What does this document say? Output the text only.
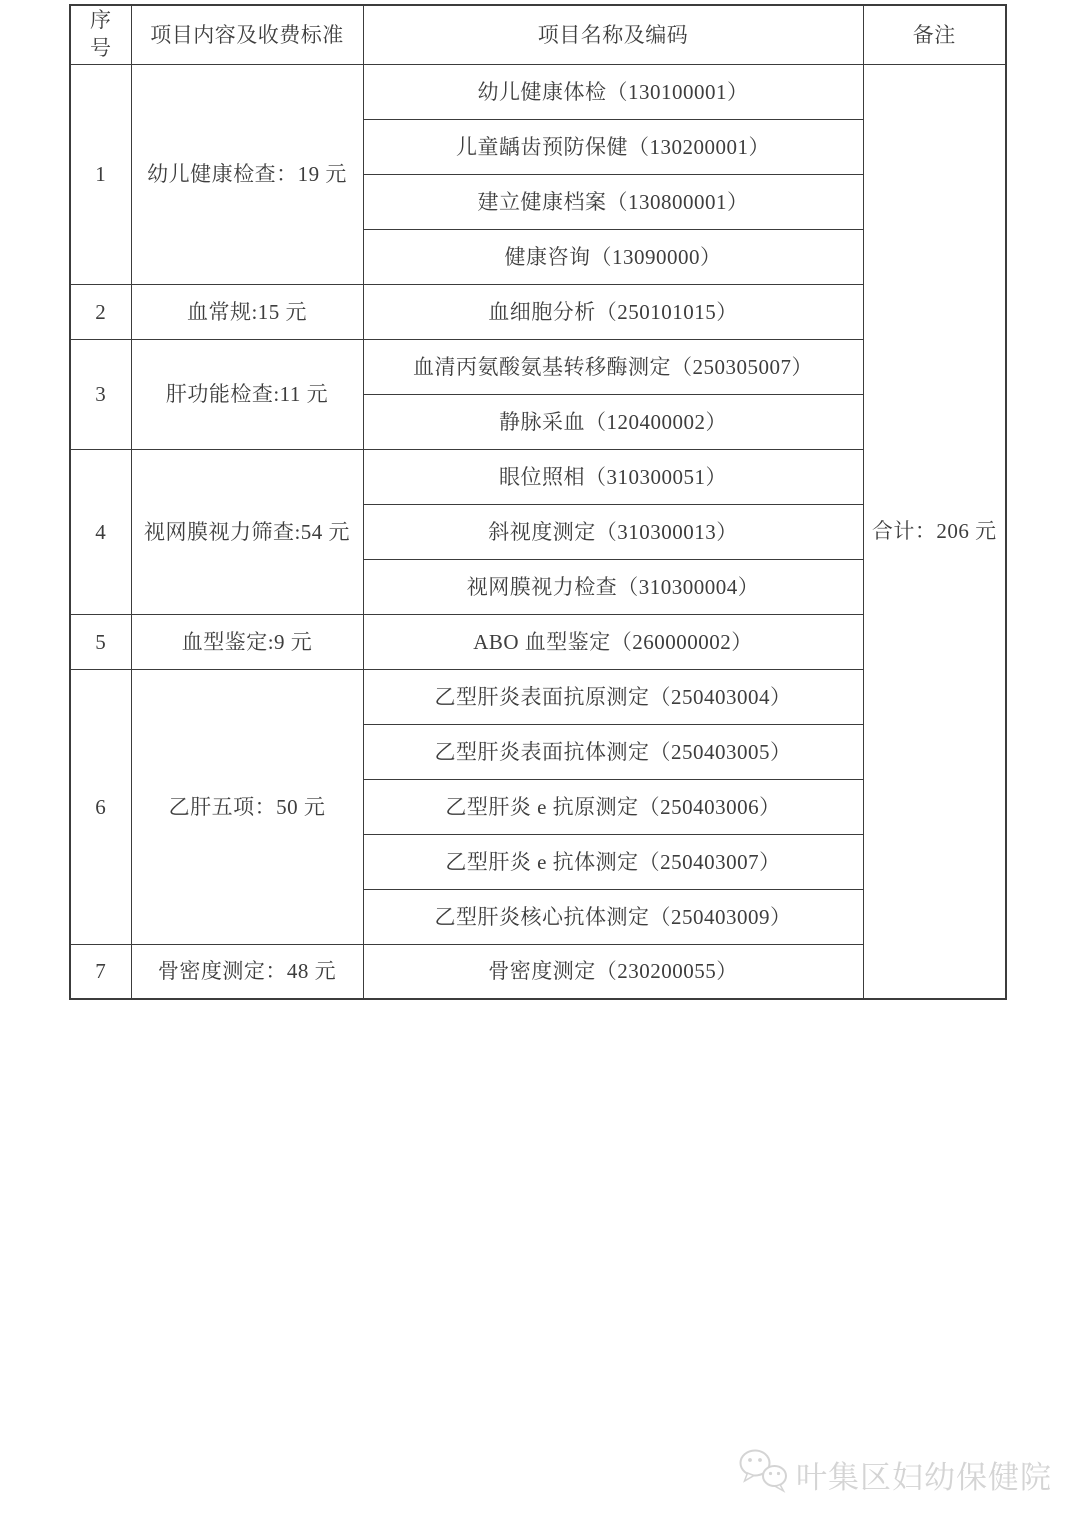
序号	项目内容及收费标准	项目名称及编码	备注
1	幼儿健康检查：19 元	幼儿健康体检（130100001）	合计：206 元
		儿童龋齿预防保健（130200001）	
		建立健康档案（130800001）	
		健康咨询（13090000）	
2	血常规:15 元	血细胞分析（250101015）	
3	肝功能检查:11 元	血清丙氨酸氨基转移酶测定（250305007）	
		静脉采血（120400002）	
4	视网膜视力筛查:54 元	眼位照相（310300051）	
		斜视度测定（310300013）	
		视网膜视力检查（310300004）	
5	血型鉴定:9 元	ABO 血型鉴定（260000002）	
6	乙肝五项：50 元	乙型肝炎表面抗原测定（250403004）	
		乙型肝炎表面抗体测定（250403005）	
		乙型肝炎 e 抗原测定（250403006）	
		乙型肝炎 e 抗体测定（250403007）	
		乙型肝炎核心抗体测定（250403009）	
7	骨密度测定：48 元	骨密度测定（230200055）	
叶集区妇幼保健院
